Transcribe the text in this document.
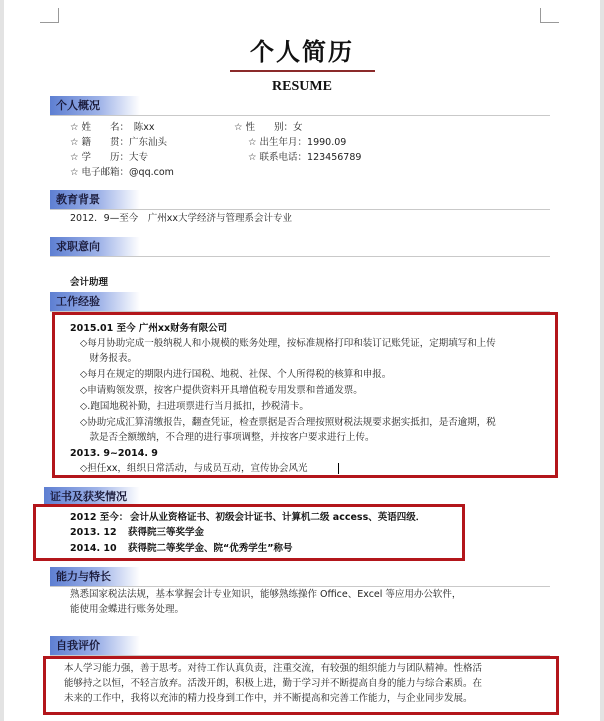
个人简历
RESUME
个人概况
☆ 姓　　名：　陈xx	☆ 性　　别：女
☆ 籍　　贯：广东汕头	☆ 出生年月：1990.09
☆ 学　　历：大专	☆ 联系电话：123456789
☆ 电子邮箱：@qq.com
教育背景
2012．9—至今　广州xx大学经济与管理系会计专业
求职意向
会计助理
工作经验
2015.01 至今 广州xx财务有限公司
◇每月协助完成一般纳税人和小规模的账务处理，按标准规格打印和装订记账凭证，定期填写和上传
　财务报表。
◇每月在规定的期限内进行国税、地税、社保、个人所得税的核算和申报。
◇申请购领发票，按客户提供资料开具增值税专用发票和普通发票。
◇.跑国地税补勤，扫进项票进行当月抵扣，抄税清卡。
◇协助完成汇算清缴报告，翻查凭证，检查票据是否合理按照财税法规要求据实抵扣，是否逾期，税
　款是否全额缴纳，不合理的进行事项调整，并按客户要求进行上传。
2013. 9~2014. 9
◇担任xx，组织日常活动，与成员互动，宣传协会风光
证书及获奖情况
2012 至今： 会计从业资格证书、初级会计证书、计算机二级 access、英语四级．
2013. 12 获得院三等奖学金
2014. 10 获得院二等奖学金、院“优秀学生”称号
能力与特长
熟悉国家税法法规，基本掌握会计专业知识，能够熟练操作 Office、Excel 等应用办公软件，
能使用金蝶进行账务处理。
自我评价
本人学习能力强，善于思考。对待工作认真负责，注重交流，有较强的组织能力与团队精神。性格活
能够持之以恒，不轻言放弃。活泼开朗，积极上进，勤于学习并不断提高自身的能力与综合素质。在
未来的工作中，我将以充沛的精力投身到工作中，并不断提高和完善工作能力，与企业同步发展。
